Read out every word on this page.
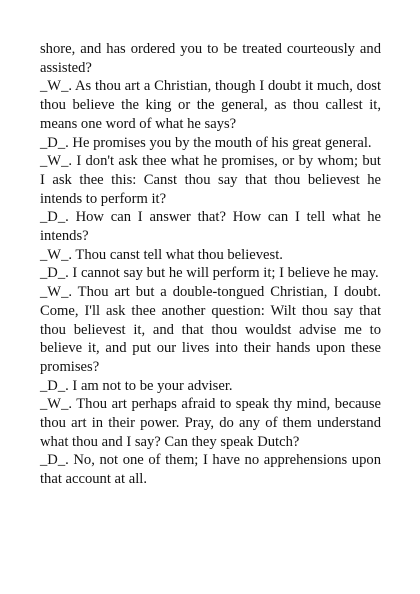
shore, and has ordered you to be treated courteously and assisted?

_W_. As thou art a Christian, though I doubt it much, dost thou believe the king or the general, as thou callest it, means one word of what he says?

_D_. He promises you by the mouth of his great general.

_W_. I don't ask thee what he promises, or by whom; but I ask thee this: Canst thou say that thou believest he intends to perform it?

_D_. How can I answer that? How can I tell what he intends?

_W_. Thou canst tell what thou believest.

_D_. I cannot say but he will perform it; I believe he may.

_W_. Thou art but a double-tongued Christian, I doubt. Come, I'll ask thee another question: Wilt thou say that thou believest it, and that thou wouldst advise me to believe it, and put our lives into their hands upon these promises?

_D_. I am not to be your adviser.

_W_. Thou art perhaps afraid to speak thy mind, because thou art in their power. Pray, do any of them understand what thou and I say? Can they speak Dutch?

_D_. No, not one of them; I have no apprehensions upon that account at all.
